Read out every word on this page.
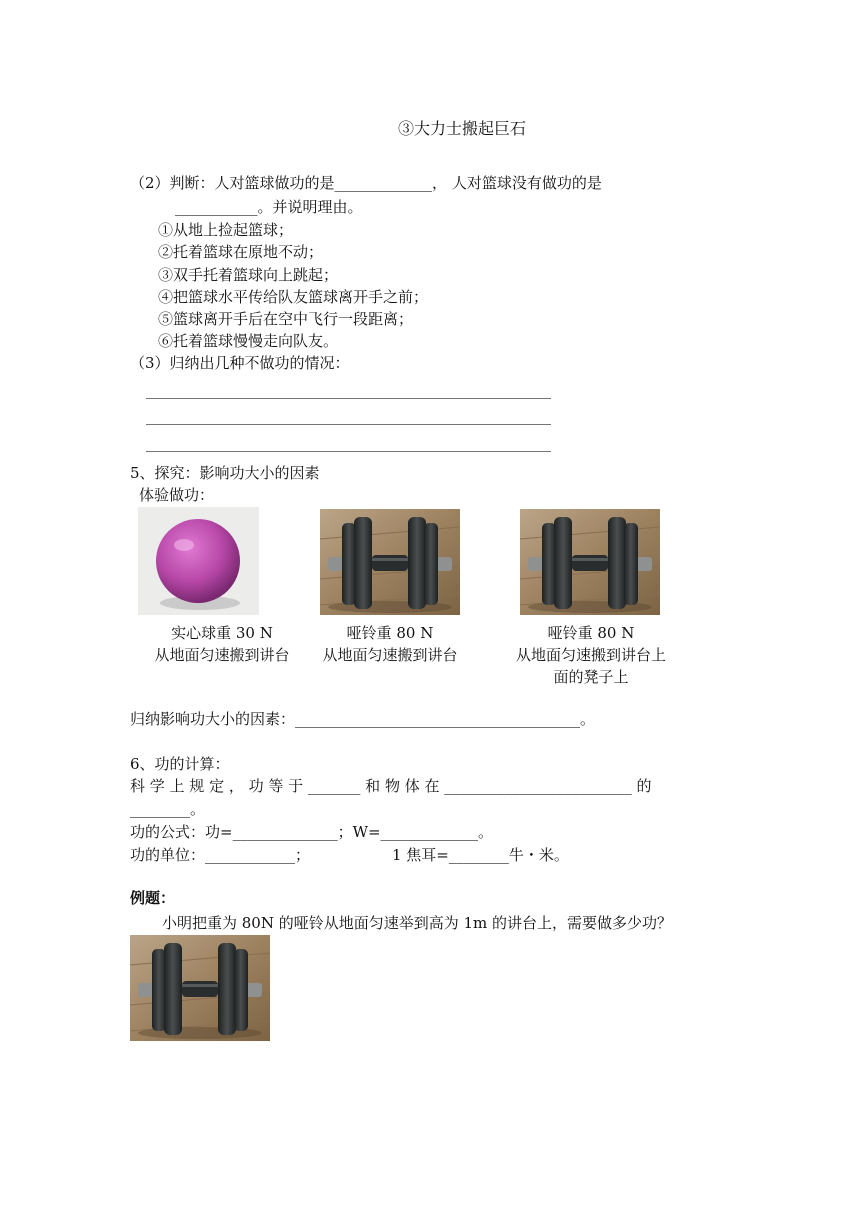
③大力士搬起巨石
（2）判断：人对篮球做功的是_____________， 人对篮球没有做功的是
___________。并说明理由。
①从地上捡起篮球；
②托着篮球在原地不动；
③双手托着篮球向上跳起；
④把篮球水平传给队友篮球离开手之前；
⑤篮球离开手后在空中飞行一段距离；
⑥托着篮球慢慢走向队友。
（3）归纳出几种不做功的情况：
______________________________________________________
______________________________________________________
______________________________________________________
5、探究：影响功大小的因素
体验做功：
实心球重 30 N
从地面匀速搬到讲台
哑铃重 80 N
从地面匀速搬到讲台
哑铃重 80 N
从地面匀速搬到讲台上
面的凳子上
归纳影响功大小的因素：______________________________________。
6、功的计算：
科 学 上 规 定 ， 功 等 于 _______ 和 物 体 在 _________________________ 的
________。
功的公式：功=______________；W=_____________。
功的单位：____________；	1 焦耳=________牛・米。
例题：
小明把重为 80N 的哑铃从地面匀速举到高为 1m 的讲台上，需要做多少功？
